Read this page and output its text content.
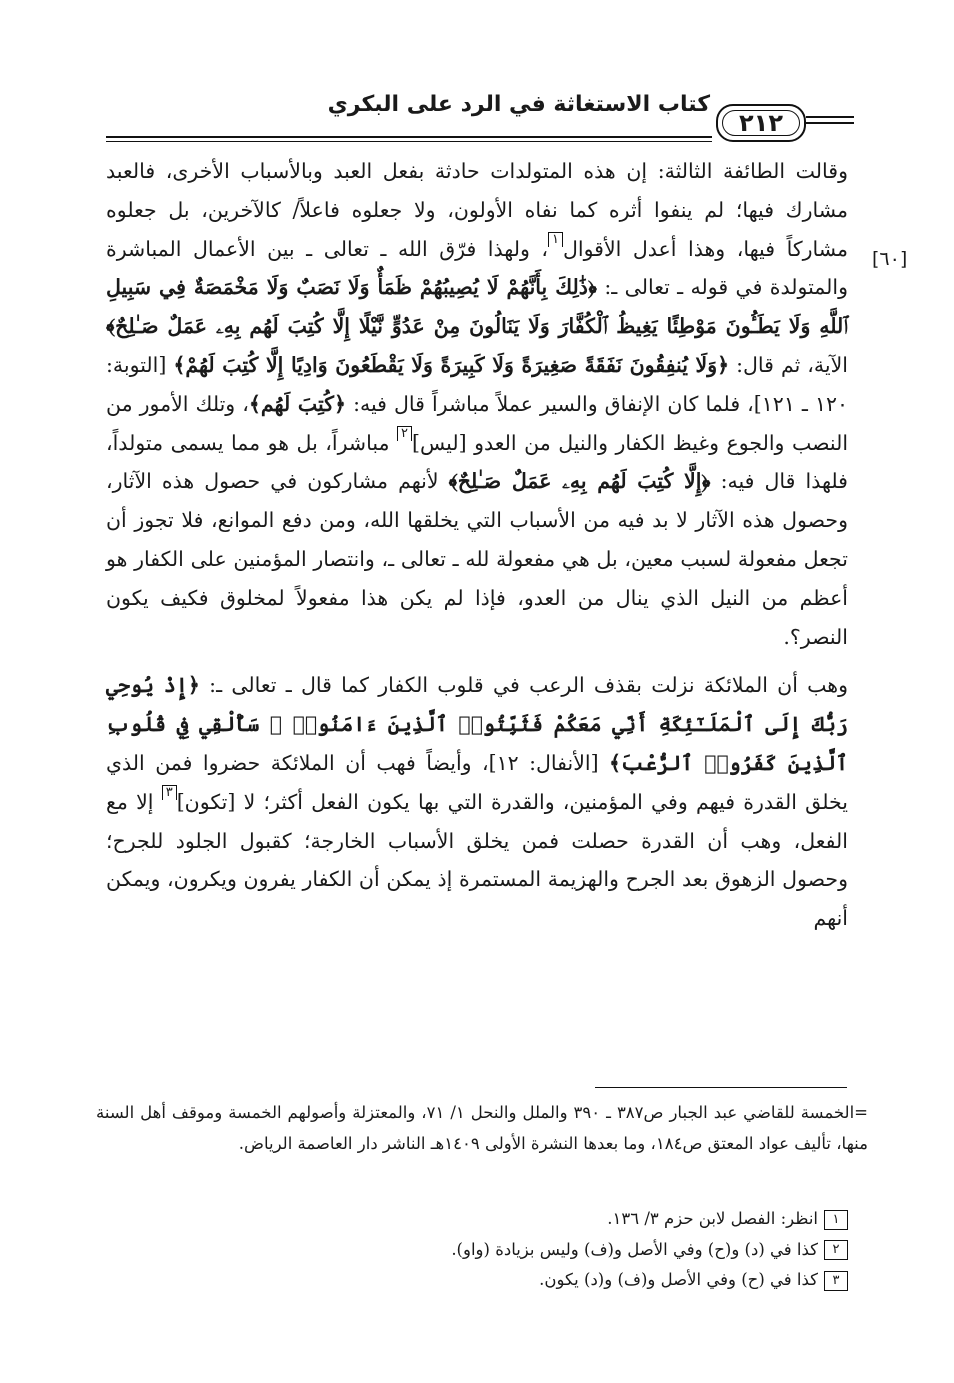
كتاب الاستغاثة في الرد على البكري
٢١٢
[٦٠]

وقالت الطائفة الثالثة: إن هذه المتولدات حادثة بفعل العبد وبالأسباب الأخرى، فالعبد مشارك فيها؛ لم ينفوا أثره كما نفاه الأولون، ولا جعلوه فاعلاً/ كالآخرين، بل جعلوه مشاركاً فيها، وهذا أعدل الأقوال١، ولهذا فرّق الله ـ تعالى ـ بين الأعمال المباشرة والمتولدة في قوله ـ تعالى ـ: ﴿ذَٰلِكَ بِأَنَّهُمْ لَا يُصِيبُهُمْ ظَمَأٌ وَلَا نَصَبٌ وَلَا مَخْمَصَةٌ فِي سَبِيلِ ٱللَّهِ وَلَا يَطَـُٔونَ مَوْطِئًا يَغِيظُ ٱلْكُفَّارَ وَلَا يَنَالُونَ مِنْ عَدُوٍّ نَّيْلًا إِلَّا كُتِبَ لَهُم بِهِۦ عَمَلٌ صَـٰلِحٌ﴾ الآية، ثم قال: ﴿وَلَا يُنفِقُونَ نَفَقَةً صَغِيرَةً وَلَا كَبِيرَةً وَلَا يَقْطَعُونَ وَادِيًا إِلَّا كُتِبَ لَهُمْ﴾ [التوبة: ١٢٠ ـ ١٢١]، فلما كان الإنفاق والسير عملاً مباشراً قال فيه: ﴿كُتِبَ لَهُم﴾، وتلك الأمور من النصب والجوع وغيظ الكفار والنيل من العدو [ليس]٢ مباشراً، بل هو مما يسمى متولداً، فلهذا قال فيه: ﴿إِلَّا كُتِبَ لَهُم بِهِۦ عَمَلٌ صَـٰلِحٌ﴾ لأنهم مشاركون في حصول هذه الآثار، وحصول هذه الآثار لا بد فيه من الأسباب التي يخلقها الله، ومن دفع الموانع، فلا تجوز أن تجعل مفعولة لسبب معين، بل هي مفعولة لله ـ تعالى ـ، وانتصار المؤمنين على الكفار هو أعظم من النيل الذي ينال من العدو، فإذا لم يكن هذا مفعولاً لمخلوق فكيف يكون النصر؟.

وهب أن الملائكة نزلت بقذف الرعب في قلوب الكفار كما قال ـ تعالى ـ: ﴿إِذْ يُوحِي رَبُّكَ إِلَى ٱلْمَلَـٰٓئِكَةِ أَنِّي مَعَكُمْ فَثَبِّتُوا۟ ٱلَّذِينَ ءَامَنُوا۟ ۚ سَأُلْقِي فِي قُلُوبِ ٱلَّذِينَ كَفَرُوا۟ ٱلرُّعْبَ﴾ [الأنفال: ١٢]، وأيضاً فهب أن الملائكة حضروا فمن الذي يخلق القدرة فيهم وفي المؤمنين، والقدرة التي بها يكون الفعل أكثر؛ لا [تكون]٣ إلا مع الفعل، وهب أن القدرة حصلت فمن يخلق الأسباب الخارجة؛ كقبول الجلود للجرح؛ وحصول الزهوق بعد الجرح والهزيمة المستمرة إذ يمكن أن الكفار يفرون ويكرون، ويمكن أنهم

=الخمسة للقاضي عبد الجبار ص٣٨٧ ـ ٣٩٠ والملل والنحل ١/ ٧١، والمعتزلة وأصولهم الخمسة وموقف أهل السنة منها، تأليف عواد المعتق ص١٨٤، وما بعدها النشرة الأولى ١٤٠٩هـ الناشر دار العاصمة الرياض.

١انظر: الفصل لابن حزم ٣/ ١٣٦.
٢كذا في (د) و(ح) وفي الأصل و(ف) وليس بزيادة (واو).
٣كذا في (ح) وفي الأصل و(ف) و(د) يكون.
